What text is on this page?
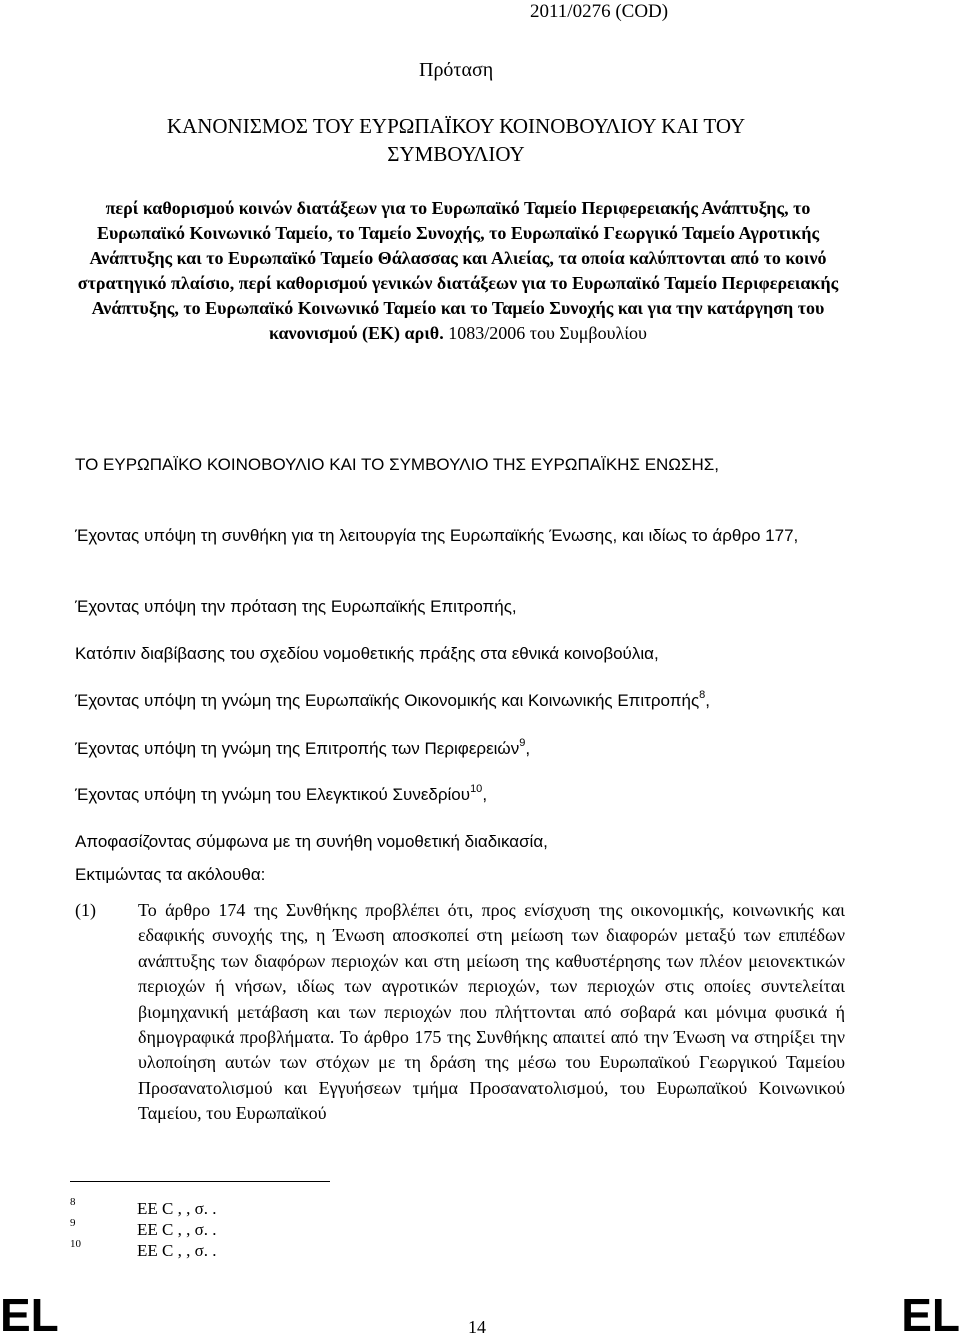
2011/0276 (COD)
Πρόταση
ΚΑΝΟΝΙΣΜΟΣ ΤΟΥ ΕΥΡΩΠΑΪΚΟΥ ΚΟΙΝΟΒΟΥΛΙΟΥ ΚΑΙ ΤΟΥ
ΣΥΜΒΟΥΛΙΟΥ
περί καθορισμού κοινών διατάξεων για το Ευρωπαϊκό Ταμείο Περιφερειακής Ανάπτυξης, το Ευρωπαϊκό Κοινωνικό Ταμείο, το Ταμείο Συνοχής, το Ευρωπαϊκό Γεωργικό Ταμείο Αγροτικής Ανάπτυξης και το Ευρωπαϊκό Ταμείο Θάλασσας και Αλιείας, τα οποία καλύπτονται από το κοινό στρατηγικό πλαίσιο, περί καθορισμού γενικών διατάξεων για το Ευρωπαϊκό Ταμείο Περιφερειακής Ανάπτυξης, το Ευρωπαϊκό Κοινωνικό Ταμείο και το Ταμείο Συνοχής και για την κατάργηση του κανονισμού (ΕΚ) αριθ. 1083/2006 του Συμβουλίου

ΤΟ ΕΥΡΩΠΑΪΚΟ ΚΟΙΝΟΒΟΥΛΙΟ ΚΑΙ ΤΟ ΣΥΜΒΟΥΛΙΟ ΤΗΣ ΕΥΡΩΠΑΪΚΗΣ ΕΝΩΣΗΣ,

Έχοντας υπόψη τη συνθήκη για τη λειτουργία της Ευρωπαϊκής Ένωσης, και ιδίως το άρθρο 177,

Έχοντας υπόψη την πρόταση της Ευρωπαϊκής Επιτροπής,

Κατόπιν διαβίβασης του σχεδίου νομοθετικής πράξης στα εθνικά κοινοβούλια,

Έχοντας υπόψη τη γνώμη της Ευρωπαϊκής Οικονομικής και Κοινωνικής Επιτροπής$^8$,

Έχοντας υπόψη τη γνώμη της Επιτροπής των Περιφερειών$^9$,

Έχοντας υπόψη τη γνώμη του Ελεγκτικού Συνεδρίου$^{10}$,

Αποφασίζοντας σύμφωνα με τη συνήθη νομοθετική διαδικασία,

Εκτιμώντας τα ακόλουθα:

(1)	Το άρθρο 174 της Συνθήκης προβλέπει ότι, προς ενίσχυση της οικονομικής, κοινωνικής και εδαφικής συνοχής της, η Ένωση αποσκοπεί στη μείωση των διαφορών μεταξύ των επιπέδων ανάπτυξης των διαφόρων περιοχών και στη μείωση της καθυστέρησης των πλέον μειονεκτικών περιοχών ή νήσων, ιδίως των αγροτικών περιοχών, των περιοχών στις οποίες συντελείται βιομηχανική μετάβαση και των περιοχών που πλήττονται από σοβαρά και μόνιμα φυσικά ή δημογραφικά προβλήματα. Το άρθρο 175 της Συνθήκης απαιτεί από την Ένωση να στηρίξει την υλοποίηση αυτών των στόχων με τη δράση της μέσω του Ευρωπαϊκού Γεωργικού Ταμείου Προσανατολισμού και Εγγυήσεων τμήμα Προσανατολισμού, του Ευρωπαϊκού Κοινωνικού Ταμείου, του Ευρωπαϊκού
8	ΕΕ C , , σ. .
9	ΕΕ C , , σ. .
10	ΕΕ C , , σ. .
EL	14	EL
